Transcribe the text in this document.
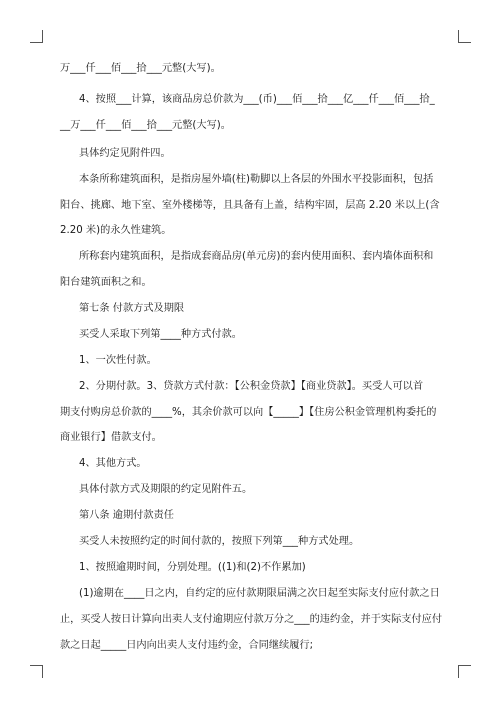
万___仟___佰___拾___元整(大写)。
4、按照___计算，该商品房总价款为___(币)___佰___拾___亿___仟___佰___拾_
__万___仟___佰___拾___元整(大写)。
具体约定见附件四。
本条所称建筑面积，是指房屋外墙(柱)勒脚以上各层的外围水平投影面积，包括
阳台、挑廊、地下室、室外楼梯等，且具备有上盖，结构牢固，层高 2.20 米以上(含
2.20 米)的永久性建筑。
所称套内建筑面积，是指成套商品房(单元房)的套内使用面积、套内墙体面积和
阳台建筑面积之和。
第七条 付款方式及期限
买受人采取下列第____种方式付款。
1、一次性付款。
2、分期付款。3、贷款方式付款：【公积金贷款】【商业贷款】。买受人可以首
期支付购房总价款的____%，其余价款可以向【_____】【住房公积金管理机构委托的
商业银行】借款支付。
4、其他方式。
具体付款方式及期限的约定见附件五。
第八条 逾期付款责任
买受人未按照约定的时间付款的，按照下列第___种方式处理。
1、按照逾期时间，分别处理。((1)和(2)不作累加)
(1)逾期在____日之内，自约定的应付款期限届满之次日起至实际支付应付款之日
止，买受人按日计算向出卖人支付逾期应付款万分之___的违约金，并于实际支付应付
款之日起_____日内向出卖人支付违约金，合同继续履行;
